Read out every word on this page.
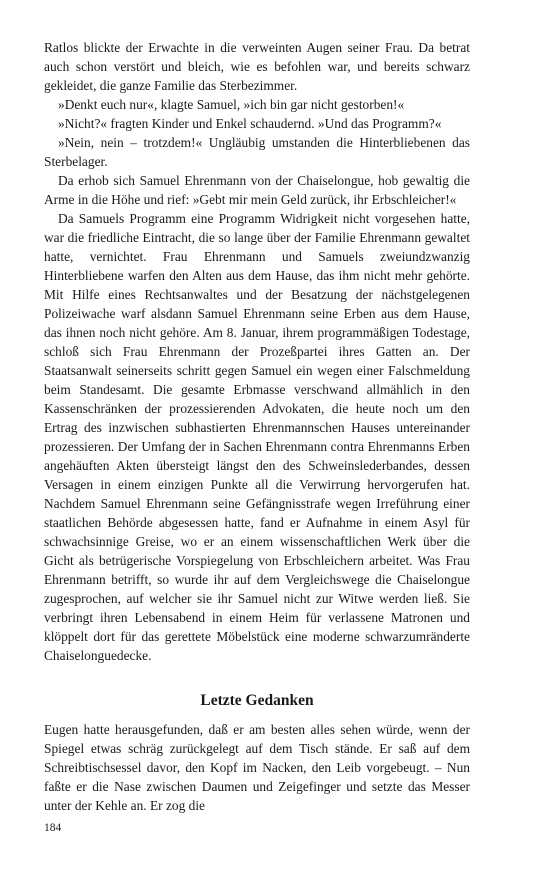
Ratlos blickte der Erwachte in die verweinten Augen seiner Frau. Da betrat auch schon verstört und bleich, wie es befohlen war, und bereits schwarz gekleidet, die ganze Familie das Sterbezimmer.

»Denkt euch nur«, klagte Samuel, »ich bin gar nicht gestorben!«

»Nicht?« fragten Kinder und Enkel schaudernd. »Und das Programm?«

»Nein, nein – trotzdem!« Ungläubig umstanden die Hinterbliebenen das Sterbelager.

Da erhob sich Samuel Ehrenmann von der Chaiselongue, hob gewaltig die Arme in die Höhe und rief: »Gebt mir mein Geld zurück, ihr Erbschleicher!«

Da Samuels Programm eine Programm Widrigkeit nicht vorgesehen hatte, war die friedliche Eintracht, die so lange über der Familie Ehrenmann gewaltet hatte, vernichtet. Frau Ehrenmann und Samuels zweiundzwanzig Hinterbliebene warfen den Alten aus dem Hause, das ihm nicht mehr gehörte. Mit Hilfe eines Rechtsanwaltes und der Besatzung der nächstgelegenen Polizeiwache warf alsdann Samuel Ehrenmann seine Erben aus dem Hause, das ihnen noch nicht gehöre. Am 8. Januar, ihrem programmäßigen Todestage, schloß sich Frau Ehrenmann der Prozeßpartei ihres Gatten an. Der Staatsanwalt seinerseits schritt gegen Samuel ein wegen einer Falschmeldung beim Standesamt. Die gesamte Erbmasse verschwand allmählich in den Kassenschränken der prozessierenden Advokaten, die heute noch um den Ertrag des inzwischen subhastierten Ehrenmannschen Hauses untereinander prozessieren. Der Umfang der in Sachen Ehrenmann contra Ehrenmanns Erben angehäuften Akten übersteigt längst den des Schweinslederbandes, dessen Versagen in einem einzigen Punkte all die Verwirrung hervorgerufen hat. Nachdem Samuel Ehrenmann seine Gefängnisstrafe wegen Irreführung einer staatlichen Behörde abgesessen hatte, fand er Aufnahme in einem Asyl für schwachsinnige Greise, wo er an einem wissenschaftlichen Werk über die Gicht als betrügerische Vorspiegelung von Erbschleichern arbeitet. Was Frau Ehrenmann betrifft, so wurde ihr auf dem Vergleichswege die Chaiselongue zugesprochen, auf welcher sie ihr Samuel nicht zur Witwe werden ließ. Sie verbringt ihren Lebensabend in einem Heim für verlassene Matronen und klöppelt dort für das gerettete Möbelstück eine moderne schwarzumränderte Chaiselonguedecke.

Letzte Gedanken

Eugen hatte herausgefunden, daß er am besten alles sehen würde, wenn der Spiegel etwas schräg zurückgelegt auf dem Tisch stände. Er saß auf dem Schreibtischsessel davor, den Kopf im Nacken, den Leib vorgebeugt. – Nun faßte er die Nase zwischen Daumen und Zeigefinger und setzte das Messer unter der Kehle an. Er zog die

184
